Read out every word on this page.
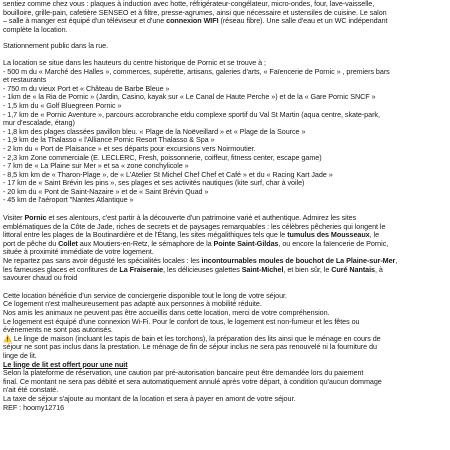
sentiez comme chez vous : plaques à induction avec hotte, réfrigérateur-congélateur, micro-ondes, four, lave-vaisselle,

bouilloire, grille-pain, cafetière SENSEO et à filtre, presse-agrumes, ainsi que nécessaire et ustensiles de cuisine. Le salon

– salle à manger est équipé d'un téléviseur et d'une connexion WIFI (réseau fibre). Une salle d'eau et un WC indépendant

complète la location.

Stationnement public dans la rue.

La location se situe dans les hauteurs du centre historique de Pornic et se trouve à ;

- 500 m du « Marché des Halles », commerces, supérette, artisans, galeries d'arts, « Faïencerie de Pornic » , premiers bars

et restaurants

- 750 m du vieux Port et « Château de Barbe Bleue »

- 1km de « la Ria de Pornic » (Jardin, Casino, kayak sur « Le Canal de Haute Perche ») et de la « Gare Pornic SNCF »

- 1,5 km du « Golf Bluegreen Pornic »

- 1,7 km de « Pornic Aventure », parcours accrobranche etdu complexe sportif du Val St Martin (aqua centre, skate-park,

mur d'escalade, étang)

- 1,8 km des plages classées pavillon bleu. « Plage de la Noëveillard » et « Plage de la Source »

- 1,9 km de la Thalasso « l'Alliance Pornic Resort Thalasso & Spa »

- 2 km du « Port de Plaisance » et ses départs pour excursions vers Noirmoutier.

- 2,3 km Zone commerciale (E. LECLERC, Fresh, poissonnerie, coiffeur, fitness center, escape game)

- 7 km de « La Plaine sur Mer » et sa « zone conchylicole »

- 8,5 km km de « Tharon-Plage », de « L'Atelier St Michel Chef Chef et Café » et du « Racing Kart Jade »

- 17 km de « Saint Brévin les pins », ses plages et ses activités nautiques (kite surf, char à voile)

- 20 km du « Pont de Saint-Nazaire » et de « Saint Brévin Quad »

- 45 km de l'aéroport "Nantes Atlantique »

Visiter Pornic et ses alentours, c'est partir à la découverte d'un patrimoine varié et authentique. Admirez les sites

emblématiques de la Côte de Jade, riches de secrets et de paysages remarquables : les célèbres pêcheries qui longent le

littoral entre les plages de la Boutinardière et de l'Étang, les sites mégalithiques tels que le tumulus des Mousseaux, le

port de pêche du Collet aux Moutiers-en-Retz, le sémaphore de la Pointe Saint-Gildas, ou encore la faïencerie de Pornic,

située à proximité immédiate de votre logement.

Ne repartez pas sans avoir dégusté les spécialités locales : les incontournables moules de bouchot de La Plaine-sur-Mer,

les fameuses glaces et confitures de La Fraiseraie, les délicieuses galettes Saint-Michel, et bien sûr, le Curé Nantais, à

savourer chaud ou froid

Cette location bénéficie d'un service de conciergerie disponible tout le long de votre séjour.

Ce logement n'est malheureusement pas adapté aux personnes à mobilité réduite.

Nos amis les animaux ne peuvent pas être accueillis dans cette location, merci de votre compréhension.

Le logement est équipé d'une connexion Wi-Fi. Pour le confort de tous, le logement est non-fumeur et les fêtes ou

événements ne sont pas autorisés.

⚠️ Le linge de maison (incluant les tapis de bain et les torchons), la préparation des lits ainsi que le ménage en cours de

séjour ne sont pas inclus dans la prestation. Le ménage de fin de séjour inclus ne sera pas renouvelé ni la fourniture du

linge de lit.

Le linge de lit est offert pour une nuit

Selon la plateforme de réservation, une caution par pré-autorisation bancaire peut être demandée lors du paiement

final. Ce montant ne sera pas débité et sera automatiquement annulé après votre départ, à condition qu'aucun dommage

n'ait été constaté.

La taxe de séjour s'ajoute au montant de la location et sera à payer en amont de votre séjour.

REF : hoomy12716
